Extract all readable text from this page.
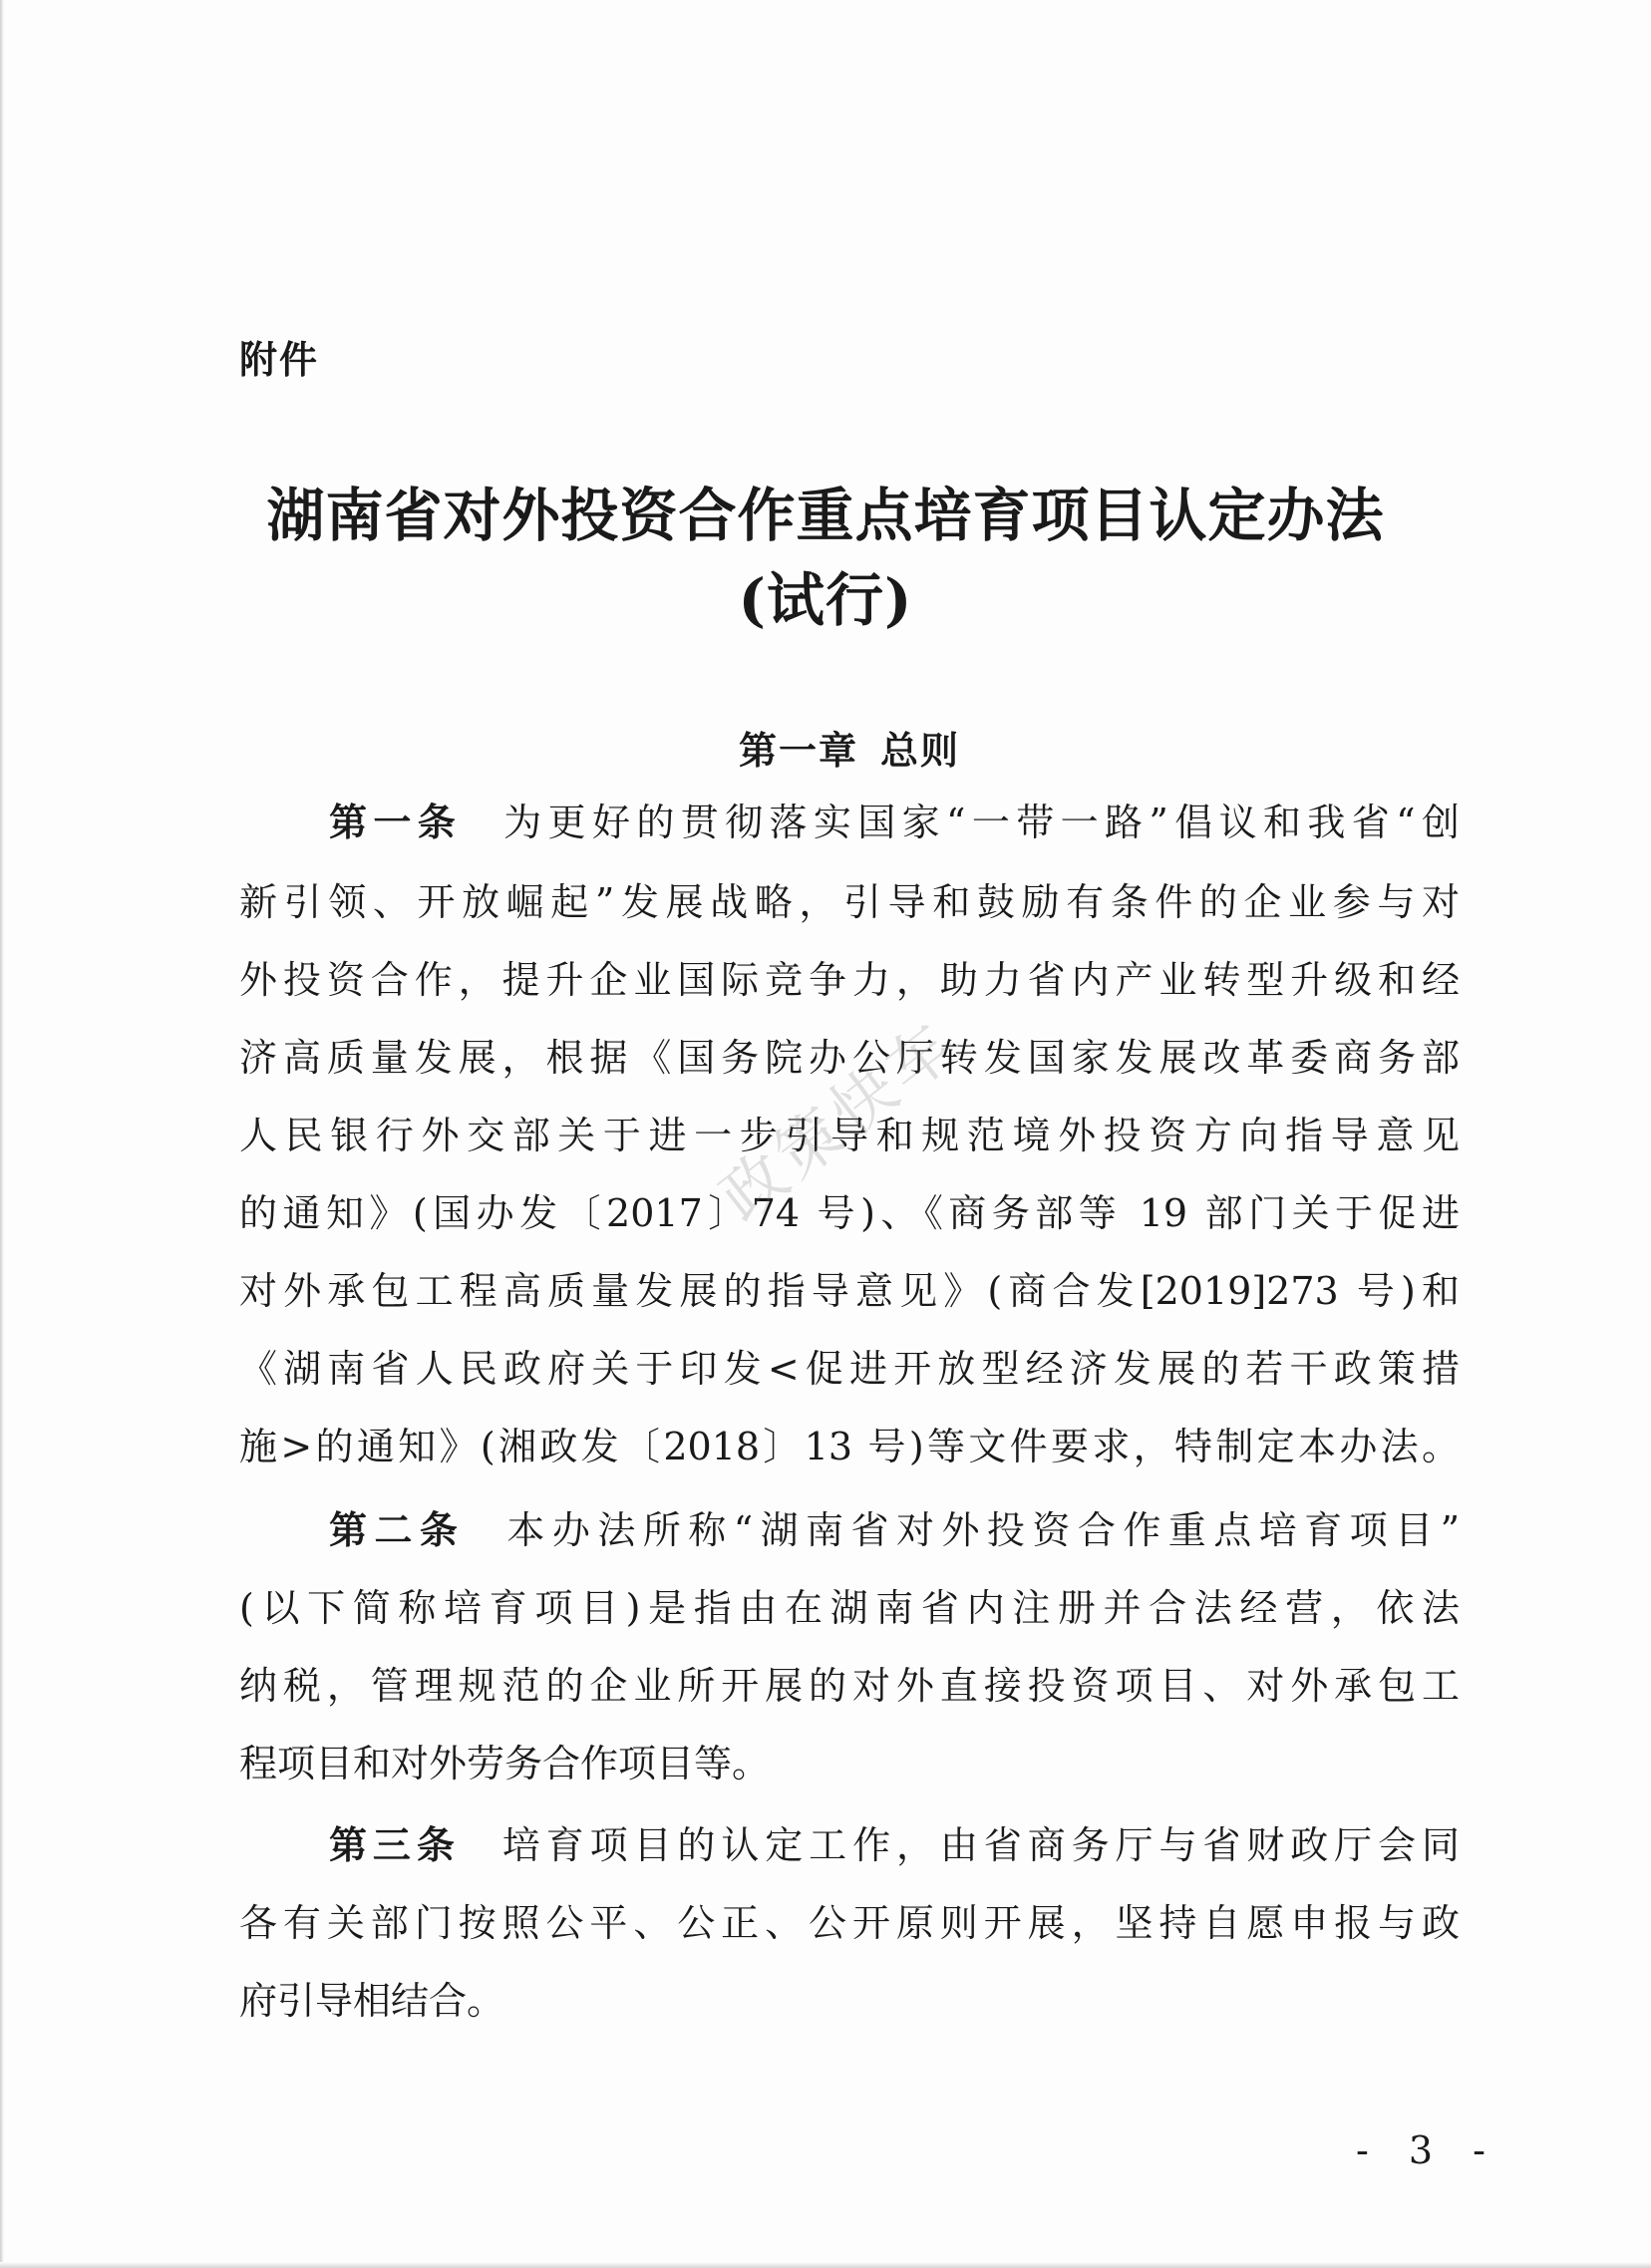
附件
湖南省对外投资合作重点培育项目认定办法
(试行)
第一章 总则
第一条 为更好的贯彻落实国家“一带一路”倡议和我省“创
新引领、开放崛起”发展战略，引导和鼓励有条件的企业参与对
外投资合作，提升企业国际竞争力，助力省内产业转型升级和经
济高质量发展，根据《国务院办公厅转发国家发展改革委商务部
人民银行外交部关于进一步引导和规范境外投资方向指导意见
的通知》(国办发〔2017〕74 号)、《商务部等 19 部门关于促进
对外承包工程高质量发展的指导意见》(商合发[2019]273 号)和
《湖南省人民政府关于印发<促进开放型经济发展的若干政策措
施>的通知》(湘政发〔2018〕13 号)等文件要求，特制定本办法。
第二条 本办法所称“湖南省对外投资合作重点培育项目”
(以下简称培育项目)是指由在湖南省内注册并合法经营，依法
纳税，管理规范的企业所开展的对外直接投资项目、对外承包工
程项目和对外劳务合作项目等。
第三条 培育项目的认定工作，由省商务厅与省财政厅会同
各有关部门按照公平、公正、公开原则开展，坚持自愿申报与政
府引导相结合。
政策快车
- 3 -
